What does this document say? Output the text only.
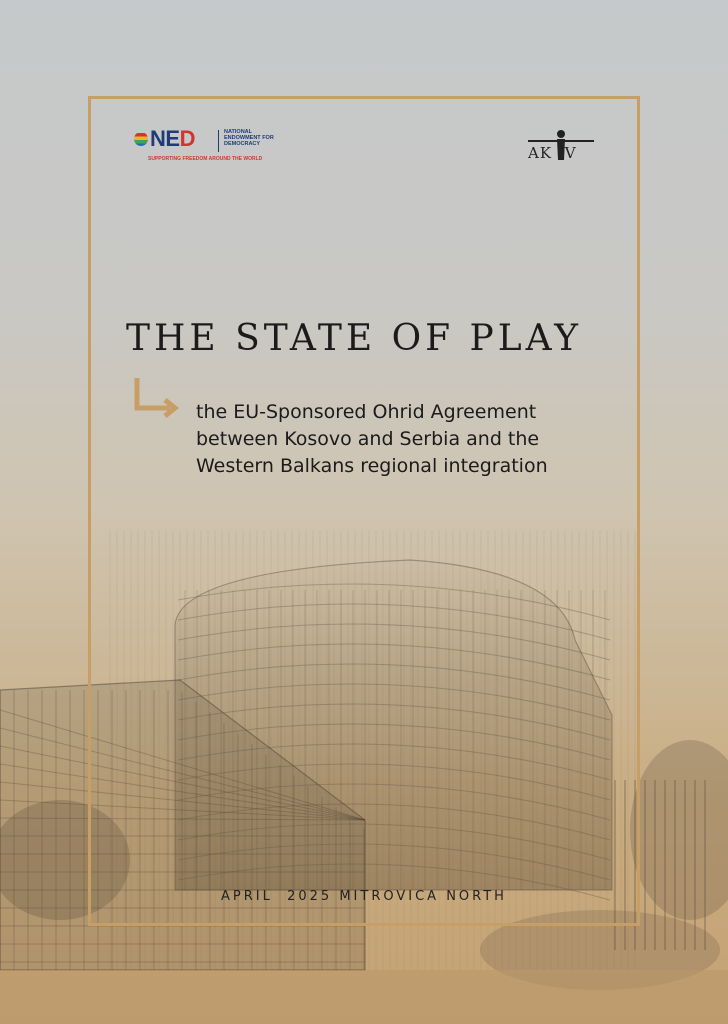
NED	NATIONAL ENDOWMENT FOR DEMOCRACY
SUPPORTING FREEDOM AROUND THE WORLD	AK IV
THE STATE OF PLAY
the EU-Sponsored Ohrid Agreement between Kosovo and Serbia and the Western Balkans regional integration
APRIL  2025 MITROVICA NORTH
